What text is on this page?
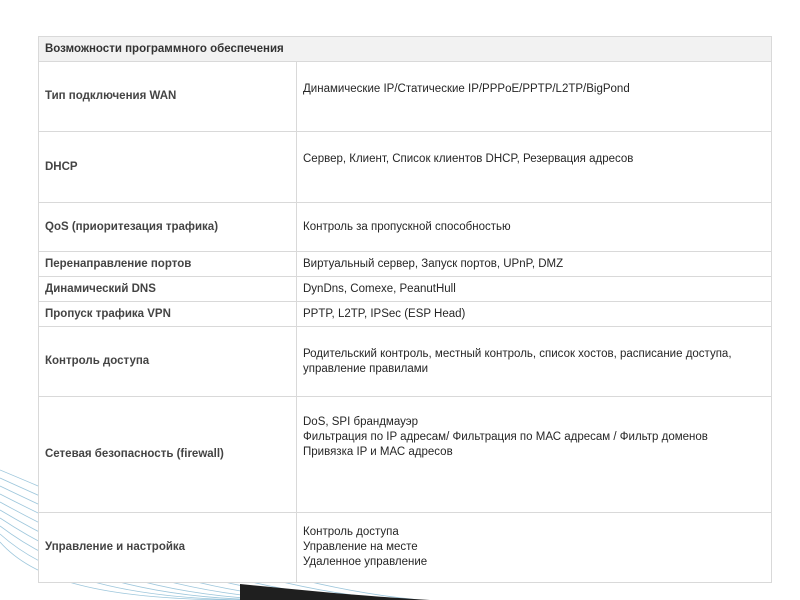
Возможности программного обеспечения	
Тип подключения WAN	Динамические IP/Статические IP/PPPoE/PPTP/L2TP/BigPond

DHCP	Сервер, Клиент, Список клиентов DHCP, Резервация адресов

QoS (приоритезация трафика)	Контроль за пропускной способностью

Перенаправление портов	Виртуальный сервер, Запуск портов, UPnP, DMZ

Динамический DNS	DynDns, Comexe, PeanutHull

Пропуск трафика VPN	PPTP, L2TP, IPSec (ESP Head)

Контроль доступа	Родительский контроль, местный контроль, список хостов, расписание доступа, управление правилами

Сетевая безопасность (firewall)	DoS, SPI брандмауэр
Фильтрация по IP адресам/ Фильтрация по МАС адресам / Фильтр доменов
Привязка IP и МАС адресов

Управление и настройка	Контроль доступа
Управление на месте
Удаленное управление
